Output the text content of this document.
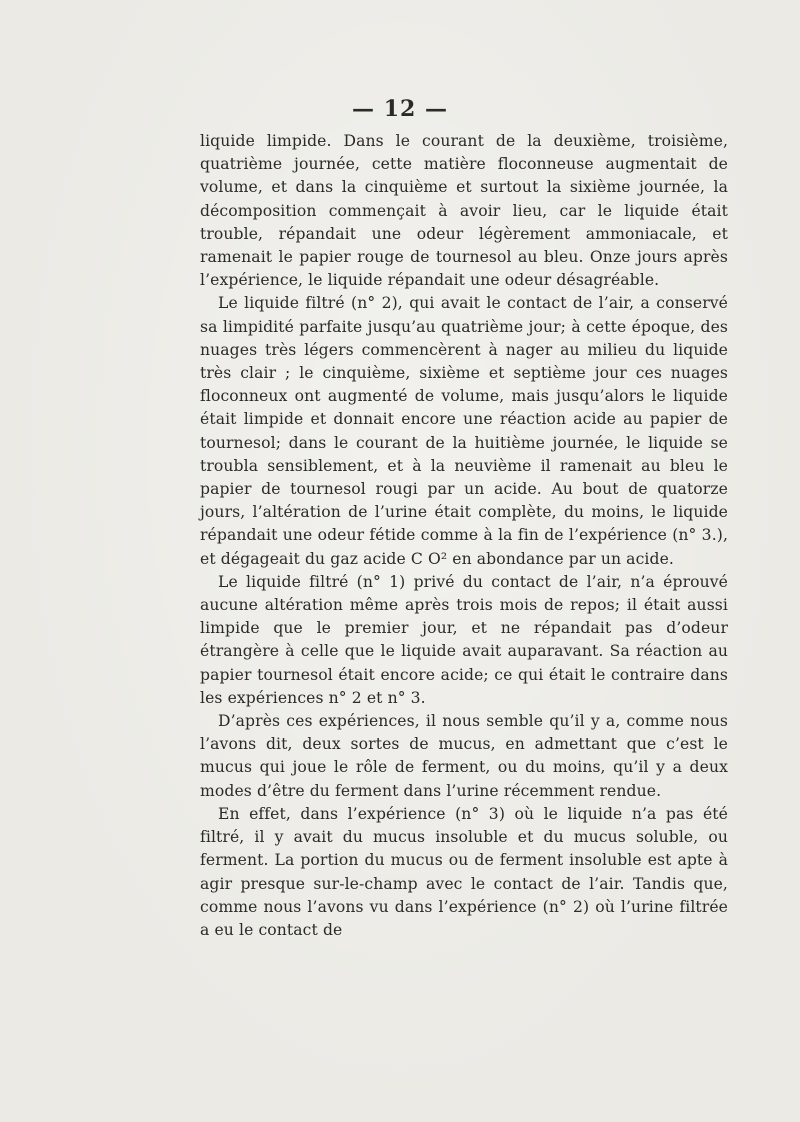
— 12 —

liquide limpide. Dans le courant de la deuxième, troisième, quatrième journée, cette matière floconneuse augmentait de volume, et dans la cinquième et surtout la sixième journée, la décomposition commençait à avoir lieu, car le liquide était trouble, répandait une odeur légèrement ammoniacale, et ramenait le papier rouge de tournesol au bleu. Onze jours après l’expérience, le liquide répandait une odeur désagréable.

Le liquide filtré (n° 2), qui avait le contact de l’air, a conservé sa limpidité parfaite jusqu’au quatrième jour; à cette époque, des nuages très légers commencèrent à nager au milieu du liquide très clair ; le cinquième, sixième et septième jour ces nuages floconneux ont augmenté de volume, mais jusqu’alors le liquide était limpide et donnait encore une réaction acide au papier de tournesol; dans le courant de la huitième journée, le liquide se troubla sensiblement, et à la neuvième il ramenait au bleu le papier de tournesol rougi par un acide. Au bout de quatorze jours, l’altération de l’urine était complète, du moins, le liquide répandait une odeur fétide comme à la fin de l’expérience (n° 3.), et dégageait du gaz acide C O² en abondance par un acide.

Le liquide filtré (n° 1) privé du contact de l’air, n’a éprouvé aucune altération même après trois mois de repos; il était aussi limpide que le premier jour, et ne répandait pas d’odeur étrangère à celle que le liquide avait auparavant. Sa réaction au papier tournesol était encore acide; ce qui était le contraire dans les expériences n° 2 et n° 3.

D’après ces expériences, il nous semble qu’il y a, comme nous l’avons dit, deux sortes de mucus, en admettant que c’est le mucus qui joue le rôle de ferment, ou du moins, qu’il y a deux modes d’être du ferment dans l’urine récemment rendue.

En effet, dans l’expérience (n° 3) où le liquide n’a pas été filtré, il y avait du mucus insoluble et du mucus soluble, ou ferment. La portion du mucus ou de ferment insoluble est apte à agir presque sur-le-champ avec le contact de l’air. Tandis que, comme nous l’avons vu dans l’expérience (n° 2) où l’urine filtrée a eu le contact de
